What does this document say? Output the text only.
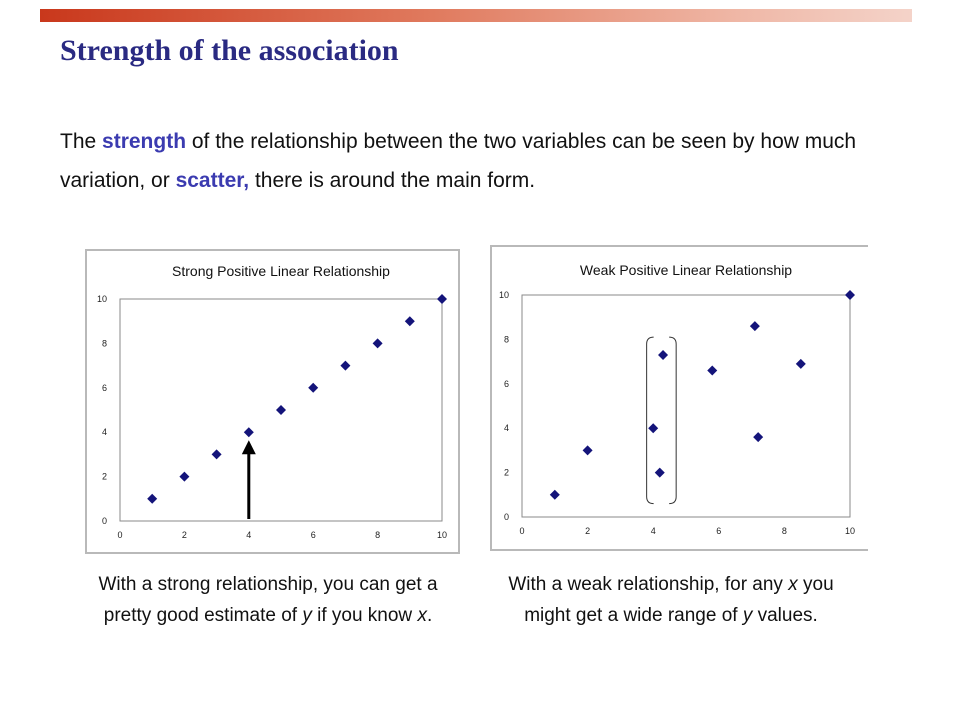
Strength of the association
The strength of the relationship between the two variables can be seen by how much variation, or scatter, there is around the main form.
Strong Positive Linear Relationship
0	2	4	6	8	10
0
2
4
6
8
10
Weak Positive Linear Relationship
0	2	4	6	8	10
0
2
4
6
8
10
With a strong relationship, you can get a pretty good estimate of y if you know x.
With a weak relationship, for any x you might get a wide range of y values.
